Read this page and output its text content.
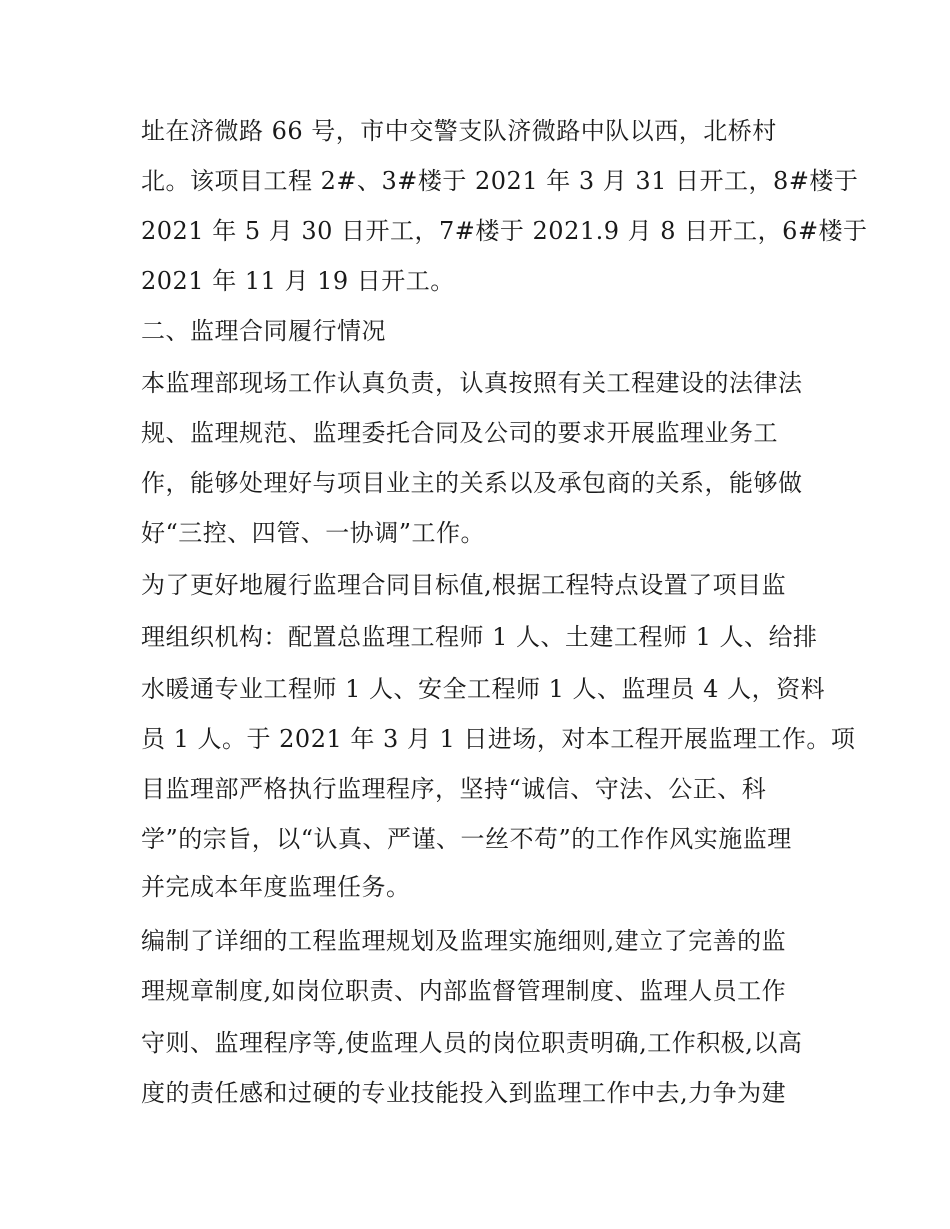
址在济微路 66 号，市中交警支队济微路中队以西，北桥村
北。该项目工程 2#、3#楼于 2021 年 3 月 31 日开工，8#楼于
2021 年 5 月 30 日开工，7#楼于 2021.9 月 8 日开工，6#楼于
2021 年 11 月 19 日开工。
二、监理合同履行情况
本监理部现场工作认真负责，认真按照有关工程建设的法律法
规、监理规范、监理委托合同及公司的要求开展监理业务工
作，能够处理好与项目业主的关系以及承包商的关系，能够做
好“三控、四管、一协调”工作。
为了更好地履行监理合同目标值,根据工程特点设置了项目监
理组织机构：配置总监理工程师 1 人、土建工程师 1 人、给排
水暖通专业工程师 1 人、安全工程师 1 人、监理员 4 人，资料
员 1 人。于 2021 年 3 月 1 日进场，对本工程开展监理工作。项
目监理部严格执行监理程序，坚持“诚信、守法、公正、科
学”的宗旨，以“认真、严谨、一丝不苟”的工作作风实施监理
并完成本年度监理任务。
编制了详细的工程监理规划及监理实施细则,建立了完善的监
理规章制度,如岗位职责、内部监督管理制度、监理人员工作
守则、监理程序等,使监理人员的岗位职责明确,工作积极,以高
度的责任感和过硬的专业技能投入到监理工作中去,力争为建
